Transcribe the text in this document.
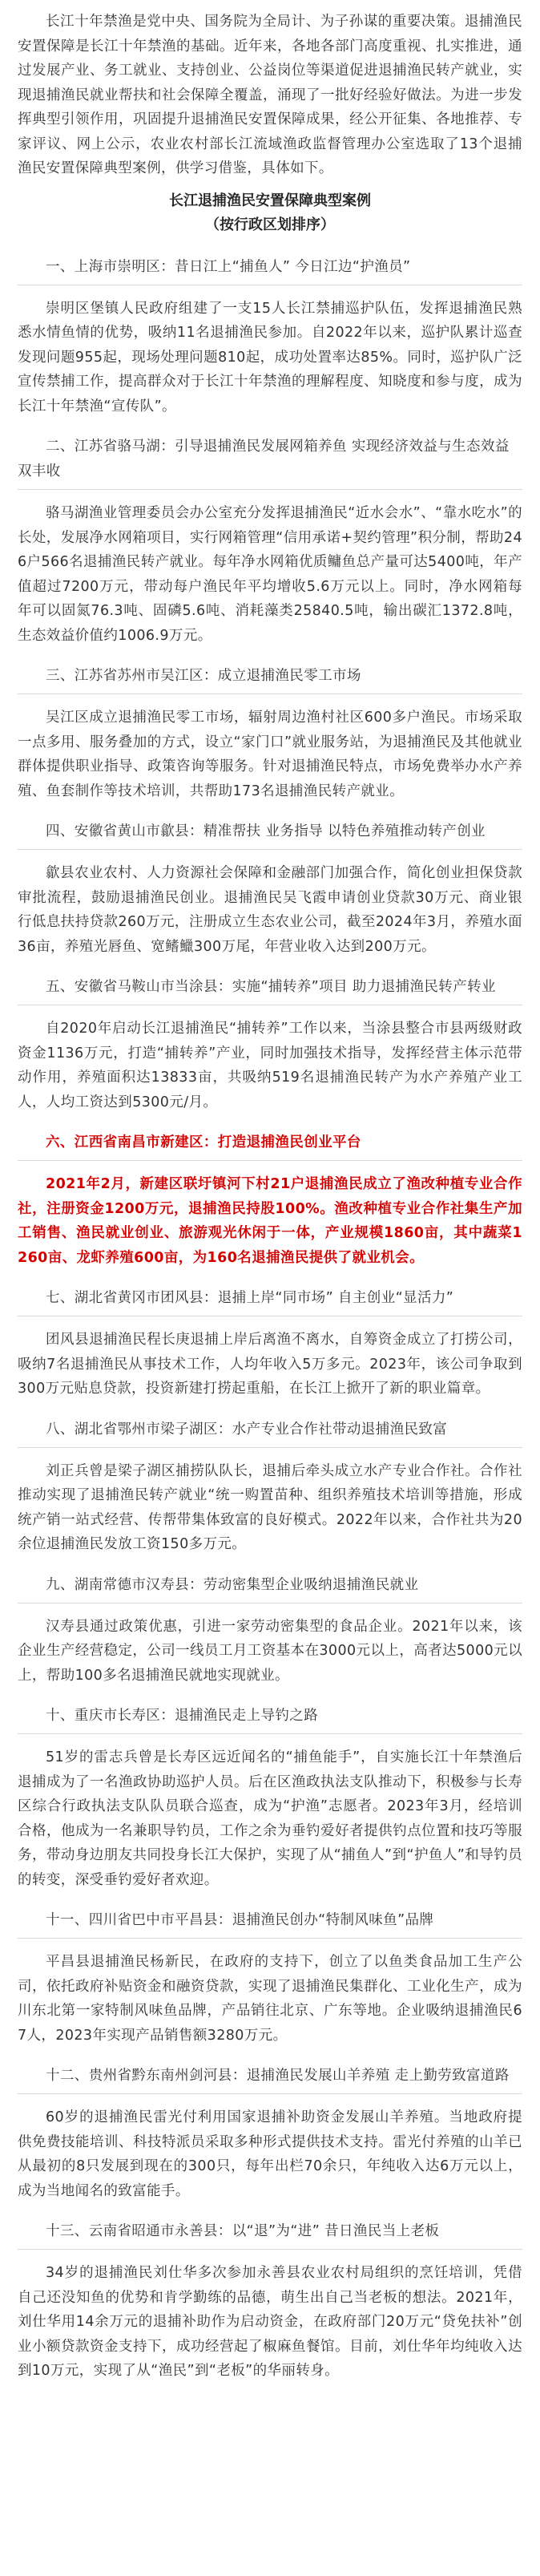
长江十年禁渔是党中央、国务院为全局计、为子孙谋的重要决策。退捕渔民安置保障是长江十年禁渔的基础。近年来，各地各部门高度重视、扎实推进，通过发展产业、务工就业、支持创业、公益岗位等渠道促进退捕渔民转产就业，实现退捕渔民就业帮扶和社会保障全覆盖，涌现了一批好经验好做法。为进一步发挥典型引领作用，巩固提升退捕渔民安置保障成果，经公开征集、各地推荐、专家评议、网上公示，农业农村部长江流域渔政监督管理办公室选取了13个退捕渔民安置保障典型案例，供学习借鉴，具体如下。

长江退捕渔民安置保障典型案例
（按行政区划排序）
一、上海市崇明区：昔日江上“捕鱼人” 今日江边“护渔员”

崇明区堡镇人民政府组建了一支15人长江禁捕巡护队伍，发挥退捕渔民熟悉水情鱼情的优势，吸纳11名退捕渔民参加。自2022年以来，巡护队累计巡查发现问题955起，现场处理问题810起，成功处置率达85%。同时，巡护队广泛宣传禁捕工作，提高群众对于长江十年禁渔的理解程度、知晓度和参与度，成为长江十年禁渔“宣传队”。

二、江苏省骆马湖：引导退捕渔民发展网箱养鱼 实现经济效益与生态效益双丰收

骆马湖渔业管理委员会办公室充分发挥退捕渔民“近水会水”、“靠水吃水”的长处，发展净水网箱项目，实行网箱管理“信用承诺+契约管理”积分制，帮助246户566名退捕渔民转产就业。每年净水网箱优质鳙鱼总产量可达5400吨，年产值超过7200万元，带动每户渔民年平均增收5.6万元以上。同时，净水网箱每年可以固氮76.3吨、固磷5.6吨、消耗藻类25840.5吨，输出碳汇1372.8吨，生态效益价值约1006.9万元。

三、江苏省苏州市吴江区：成立退捕渔民零工市场

吴江区成立退捕渔民零工市场，辐射周边渔村社区600多户渔民。市场采取一点多用、服务叠加的方式，设立“家门口”就业服务站，为退捕渔民及其他就业群体提供职业指导、政策咨询等服务。针对退捕渔民特点，市场免费举办水产养殖、鱼套制作等技术培训，共帮助173名退捕渔民转产就业。

四、安徽省黄山市歙县：精准帮扶 业务指导 以特色养殖推动转产创业

歙县农业农村、人力资源社会保障和金融部门加强合作，简化创业担保贷款审批流程，鼓励退捕渔民创业。退捕渔民吴飞霞申请创业贷款30万元、商业银行低息扶持贷款260万元，注册成立生态农业公司，截至2024年3月，养殖水面36亩，养殖光唇鱼、宽鳍鱲300万尾，年营业收入达到200万元。

五、安徽省马鞍山市当涂县：实施“捕转养”项目 助力退捕渔民转产转业

自2020年启动长江退捕渔民“捕转养”工作以来，当涂县整合市县两级财政资金1136万元，打造“捕转养”产业，同时加强技术指导，发挥经营主体示范带动作用，养殖面积达13833亩，共吸纳519名退捕渔民转产为水产养殖产业工人，人均工资达到5300元/月。

六、江西省南昌市新建区：打造退捕渔民创业平台

2021年2月，新建区联圩镇河下村21户退捕渔民成立了渔改种植专业合作社，注册资金1200万元，退捕渔民持股100%。渔改种植专业合作社集生产加工销售、渔民就业创业、旅游观光休闲于一体，产业规模1860亩，其中蔬菜1260亩、龙虾养殖600亩，为160名退捕渔民提供了就业机会。

七、湖北省黄冈市团风县：退捕上岸“同市场” 自主创业“显活力”

团风县退捕渔民程长庚退捕上岸后离渔不离水，自筹资金成立了打捞公司，吸纳7名退捕渔民从事技术工作，人均年收入5万多元。2023年，该公司争取到300万元贴息贷款，投资新建打捞起重船，在长江上掀开了新的职业篇章。

八、湖北省鄂州市梁子湖区：水产专业合作社带动退捕渔民致富

刘正兵曾是梁子湖区捕捞队队长，退捕后牵头成立水产专业合作社。合作社推动实现了退捕渔民转产就业“统一购置苗种、组织养殖技术培训等措施，形成统产销一站式经营、传帮带集体致富的良好模式。2022年以来，合作社共为20余位退捕渔民发放工资150多万元。

九、湖南常德市汉寿县：劳动密集型企业吸纳退捕渔民就业

汉寿县通过政策优惠，引进一家劳动密集型的食品企业。2021年以来，该企业生产经营稳定，公司一线员工月工资基本在3000元以上，高者达5000元以上，帮助100多名退捕渔民就地实现就业。

十、重庆市长寿区：退捕渔民走上导钓之路

51岁的雷志兵曾是长寿区远近闻名的“捕鱼能手”，自实施长江十年禁渔后退捕成为了一名渔政协助巡护人员。后在区渔政执法支队推动下，积极参与长寿区综合行政执法支队队员联合巡查，成为“护渔”志愿者。2023年3月，经培训合格，他成为一名兼职导钓员，工作之余为垂钓爱好者提供钓点位置和技巧等服务，带动身边朋友共同投身长江大保护，实现了从“捕鱼人”到“护鱼人”和导钓员的转变，深受垂钓爱好者欢迎。

十一、四川省巴中市平昌县：退捕渔民创办“特制风味鱼”品牌

平昌县退捕渔民杨新民，在政府的支持下，创立了以鱼类食品加工生产公司，依托政府补贴资金和融资贷款，实现了退捕渔民集群化、工业化生产，成为川东北第一家特制风味鱼品牌，产品销往北京、广东等地。企业吸纳退捕渔民67人，2023年实现产品销售额3280万元。

十二、贵州省黔东南州剑河县：退捕渔民发展山羊养殖 走上勤劳致富道路

60岁的退捕渔民雷光付利用国家退捕补助资金发展山羊养殖。当地政府提供免费技能培训、科技特派员采取多种形式提供技术支持。雷光付养殖的山羊已从最初的8只发展到现在的300只，每年出栏70余只，年纯收入达6万元以上，成为当地闻名的致富能手。

十三、云南省昭通市永善县：以“退”为“进” 昔日渔民当上老板

34岁的退捕渔民刘仕华多次参加永善县农业农村局组织的烹饪培训，凭借自己还没知鱼的优势和肯学勤练的品德，萌生出自己当老板的想法。2021年，刘仕华用14余万元的退捕补助作为启动资金，在政府部门20万元“贷免扶补”创业小额贷款资金支持下，成功经营起了椒麻鱼餐馆。目前，刘仕华年均纯收入达到10万元，实现了从“渔民”到“老板”的华丽转身。
